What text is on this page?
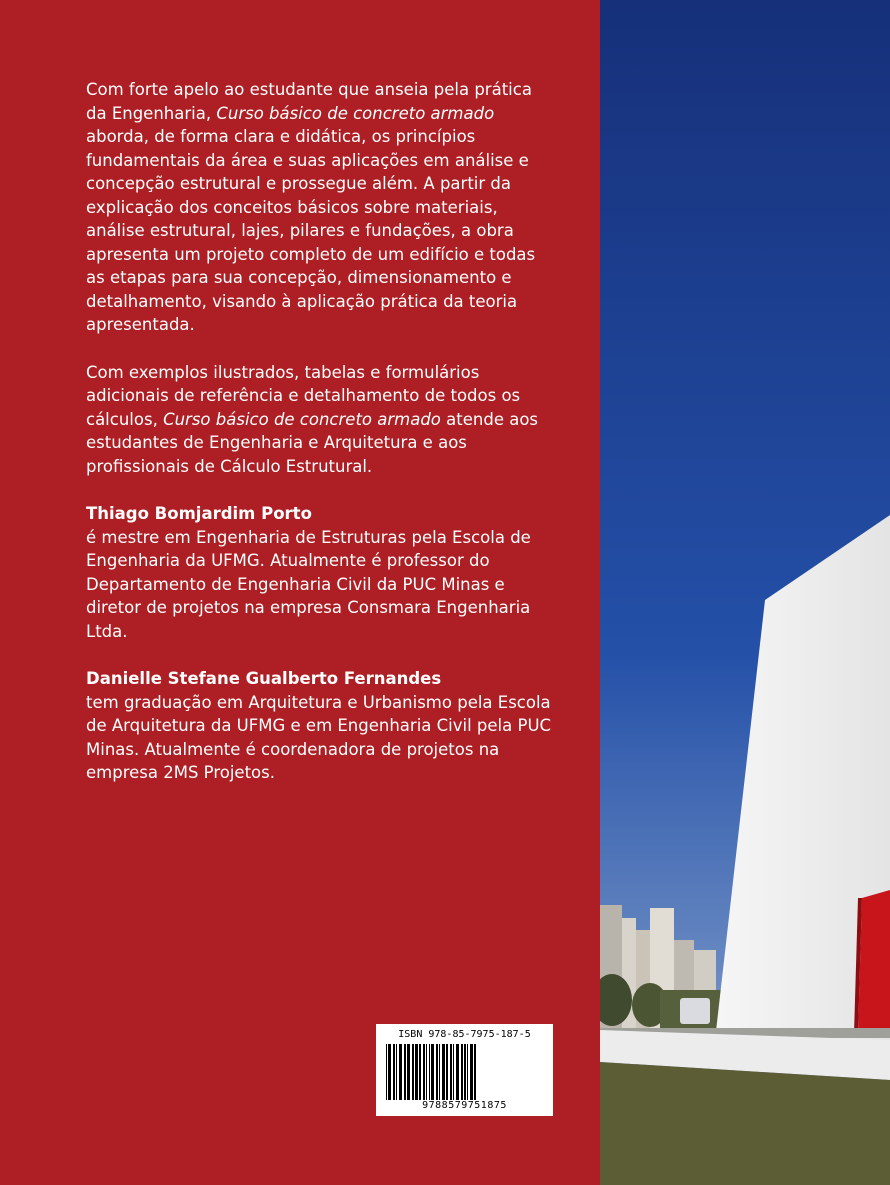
Com forte apelo ao estudante que anseia pela prática da Engenharia, Curso básico de concreto armado aborda, de forma clara e didática, os princípios fundamentais da área e suas aplicações em análise e concepção estrutural e prossegue além. A partir da explicação dos conceitos básicos sobre materiais, análise estrutural, lajes, pilares e fundações, a obra apresenta um projeto completo de um edifício e todas as etapas para sua concepção, dimensionamento e detalhamento, visando à aplicação prática da teoria apresentada.

Com exemplos ilustrados, tabelas e formulários adicionais de referência e detalhamento de todos os cálculos, Curso básico de concreto armado atende aos estudantes de Engenharia e Arquitetura e aos profissionais de Cálculo Estrutural.

Thiago Bomjardim Porto
é mestre em Engenharia de Estruturas pela Escola de Engenharia da UFMG. Atualmente é professor do Departamento de Engenharia Civil da PUC Minas e diretor de projetos na empresa Consmara Engenharia Ltda.

Danielle Stefane Gualberto Fernandes
tem graduação em Arquitetura e Urbanismo pela Escola de Arquitetura da UFMG e em Engenharia Civil pela PUC Minas. Atualmente é coordenadora de projetos na empresa 2MS Projetos.

ISBN 978-85-7975-187-5
9788579751875
